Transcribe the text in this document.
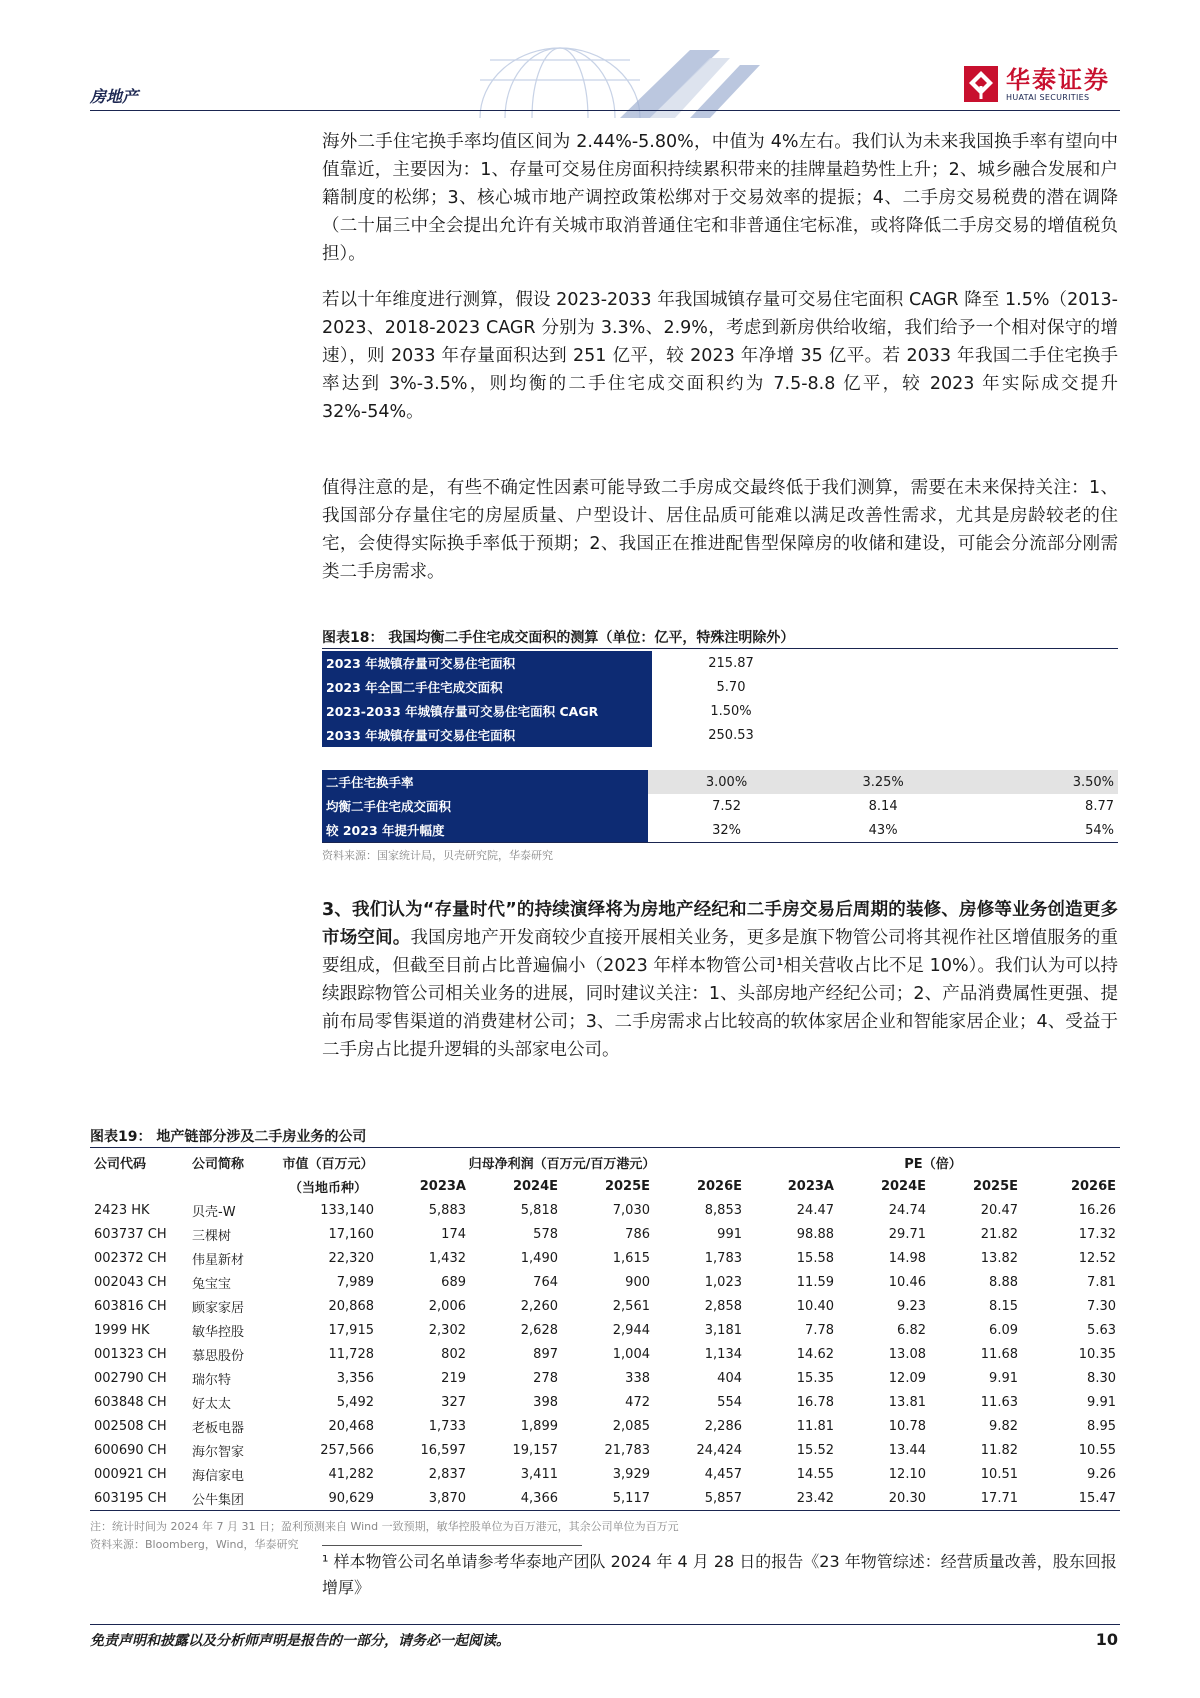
房地产
华泰证券
HUATAI SECURITIES
海外二手住宅换手率均值区间为 2.44%-5.80%，中值为 4%左右。我们认为未来我国换手率有望向中值靠近，主要因为：1、存量可交易住房面积持续累积带来的挂牌量趋势性上升；2、城乡融合发展和户籍制度的松绑；3、核心城市地产调控政策松绑对于交易效率的提振；4、二手房交易税费的潜在调降（二十届三中全会提出允许有关城市取消普通住宅和非普通住宅标准，或将降低二手房交易的增值税负担）。
若以十年维度进行测算，假设 2023-2033 年我国城镇存量可交易住宅面积 CAGR 降至 1.5%（2013-2023、2018-2023 CAGR 分别为 3.3%、2.9%，考虑到新房供给收缩，我们给予一个相对保守的增速），则 2033 年存量面积达到 251 亿平，较 2023 年净增 35 亿平。若 2033 年我国二手住宅换手率达到 3%-3.5%，则均衡的二手住宅成交面积约为 7.5-8.8 亿平，较 2023 年实际成交提升 32%-54%。
值得注意的是，有些不确定性因素可能导致二手房成交最终低于我们测算，需要在未来保持关注：1、我国部分存量住宅的房屋质量、户型设计、居住品质可能难以满足改善性需求，尤其是房龄较老的住宅，会使得实际换手率低于预期；2、我国正在推进配售型保障房的收储和建设，可能会分流部分刚需类二手房需求。
图表18： 我国均衡二手住宅成交面积的测算（单位：亿平，特殊注明除外）
2023 年城镇存量可交易住宅面积	215.87
2023 年全国二手住宅成交面积	5.70
2023-2033 年城镇存量可交易住宅面积 CAGR	1.50%
2033 年城镇存量可交易住宅面积	250.53
二手住宅换手率	3.00%	3.25%	3.50%
均衡二手住宅成交面积	7.52	8.14	8.77
较 2023 年提升幅度	32%	43%	54%
资料来源：国家统计局，贝壳研究院，华泰研究
3、我们认为“存量时代”的持续演绎将为房地产经纪和二手房交易后周期的装修、房修等业务创造更多市场空间。我国房地产开发商较少直接开展相关业务，更多是旗下物管公司将其视作社区增值服务的重要组成，但截至目前占比普遍偏小（2023 年样本物管公司¹相关营收占比不足 10%）。我们认为可以持续跟踪物管公司相关业务的进展，同时建议关注：1、头部房地产经纪公司；2、产品消费属性更强、提前布局零售渠道的消费建材公司；3、二手房需求占比较高的软体家居企业和智能家居企业；4、受益于二手房占比提升逻辑的头部家电公司。
图表19： 地产链部分涉及二手房业务的公司
公司代码	公司简称	市值（百万元）	归母净利润（百万元/百万港元）				PE（倍）			
		（当地币种）	2023A	2024E	2025E	2026E	2023A	2024E	2025E	2026E
2423 HK	贝壳-W	133,140	5,883	5,818	7,030	8,853	24.47	24.74	20.47	16.26
603737 CH	三棵树	17,160	174	578	786	991	98.88	29.71	21.82	17.32
002372 CH	伟星新材	22,320	1,432	1,490	1,615	1,783	15.58	14.98	13.82	12.52
002043 CH	兔宝宝	7,989	689	764	900	1,023	11.59	10.46	8.88	7.81
603816 CH	顾家家居	20,868	2,006	2,260	2,561	2,858	10.40	9.23	8.15	7.30
1999 HK	敏华控股	17,915	2,302	2,628	2,944	3,181	7.78	6.82	6.09	5.63
001323 CH	慕思股份	11,728	802	897	1,004	1,134	14.62	13.08	11.68	10.35
002790 CH	瑞尔特	3,356	219	278	338	404	15.35	12.09	9.91	8.30
603848 CH	好太太	5,492	327	398	472	554	16.78	13.81	11.63	9.91
002508 CH	老板电器	20,468	1,733	1,899	2,085	2,286	11.81	10.78	9.82	8.95
600690 CH	海尔智家	257,566	16,597	19,157	21,783	24,424	15.52	13.44	11.82	10.55
000921 CH	海信家电	41,282	2,837	3,411	3,929	4,457	14.55	12.10	10.51	9.26
603195 CH	公牛集团	90,629	3,870	4,366	5,117	5,857	23.42	20.30	17.71	15.47
注：统计时间为 2024 年 7 月 31 日；盈利预测来自 Wind 一致预期，敏华控股单位为百万港元，其余公司单位为百万元
资料来源：Bloomberg，Wind，华泰研究
¹ 样本物管公司名单请参考华泰地产团队 2024 年 4 月 28 日的报告《23 年物管综述：经营质量改善，股东回报增厚》
免责声明和披露以及分析师声明是报告的一部分，请务必一起阅读。	10
